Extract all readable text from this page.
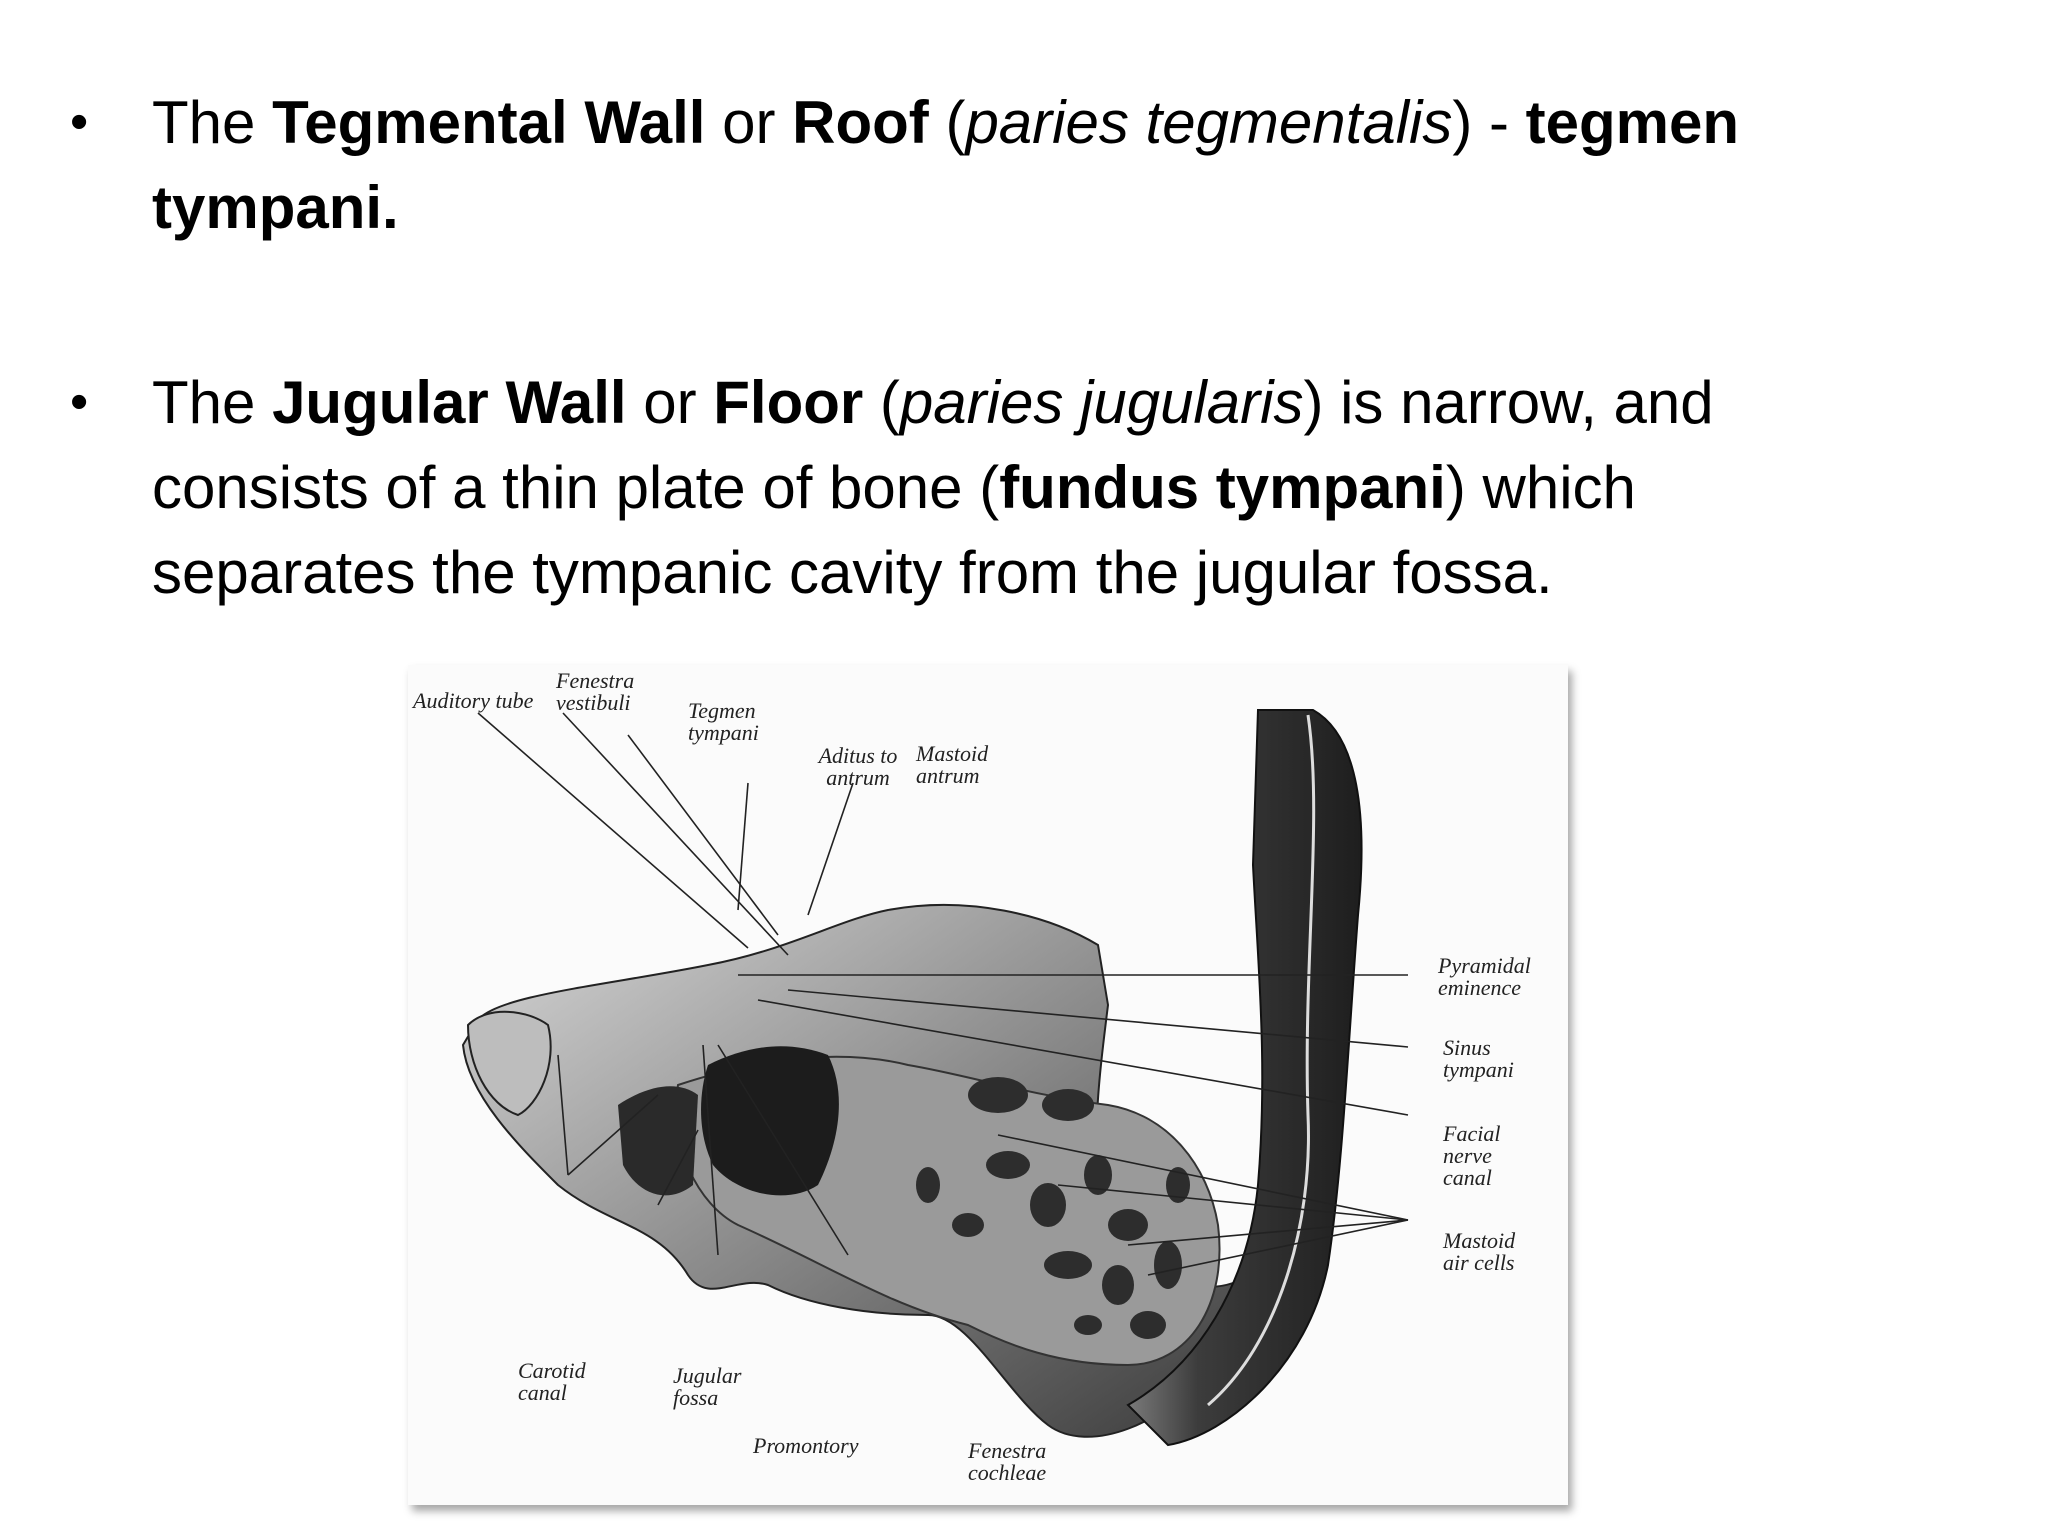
• The Tegmental Wall or Roof (paries tegmentalis) - tegmen tympani.
• The Jugular Wall or Floor (paries jugularis) is narrow, and consists of a thin plate of bone (fundus tympani) which separates the tympanic cavity from the jugular fossa.
Auditory tube
Fenestra vestibuli	Tegmen tympani
Aditus to antrum
Mastoid antrum
Pyramidal eminence
Sinus tympani
Facial nerve canal
Mastoid air cells
Carotid canal
Jugular fossa
Promontory	Fenestra cochleae
